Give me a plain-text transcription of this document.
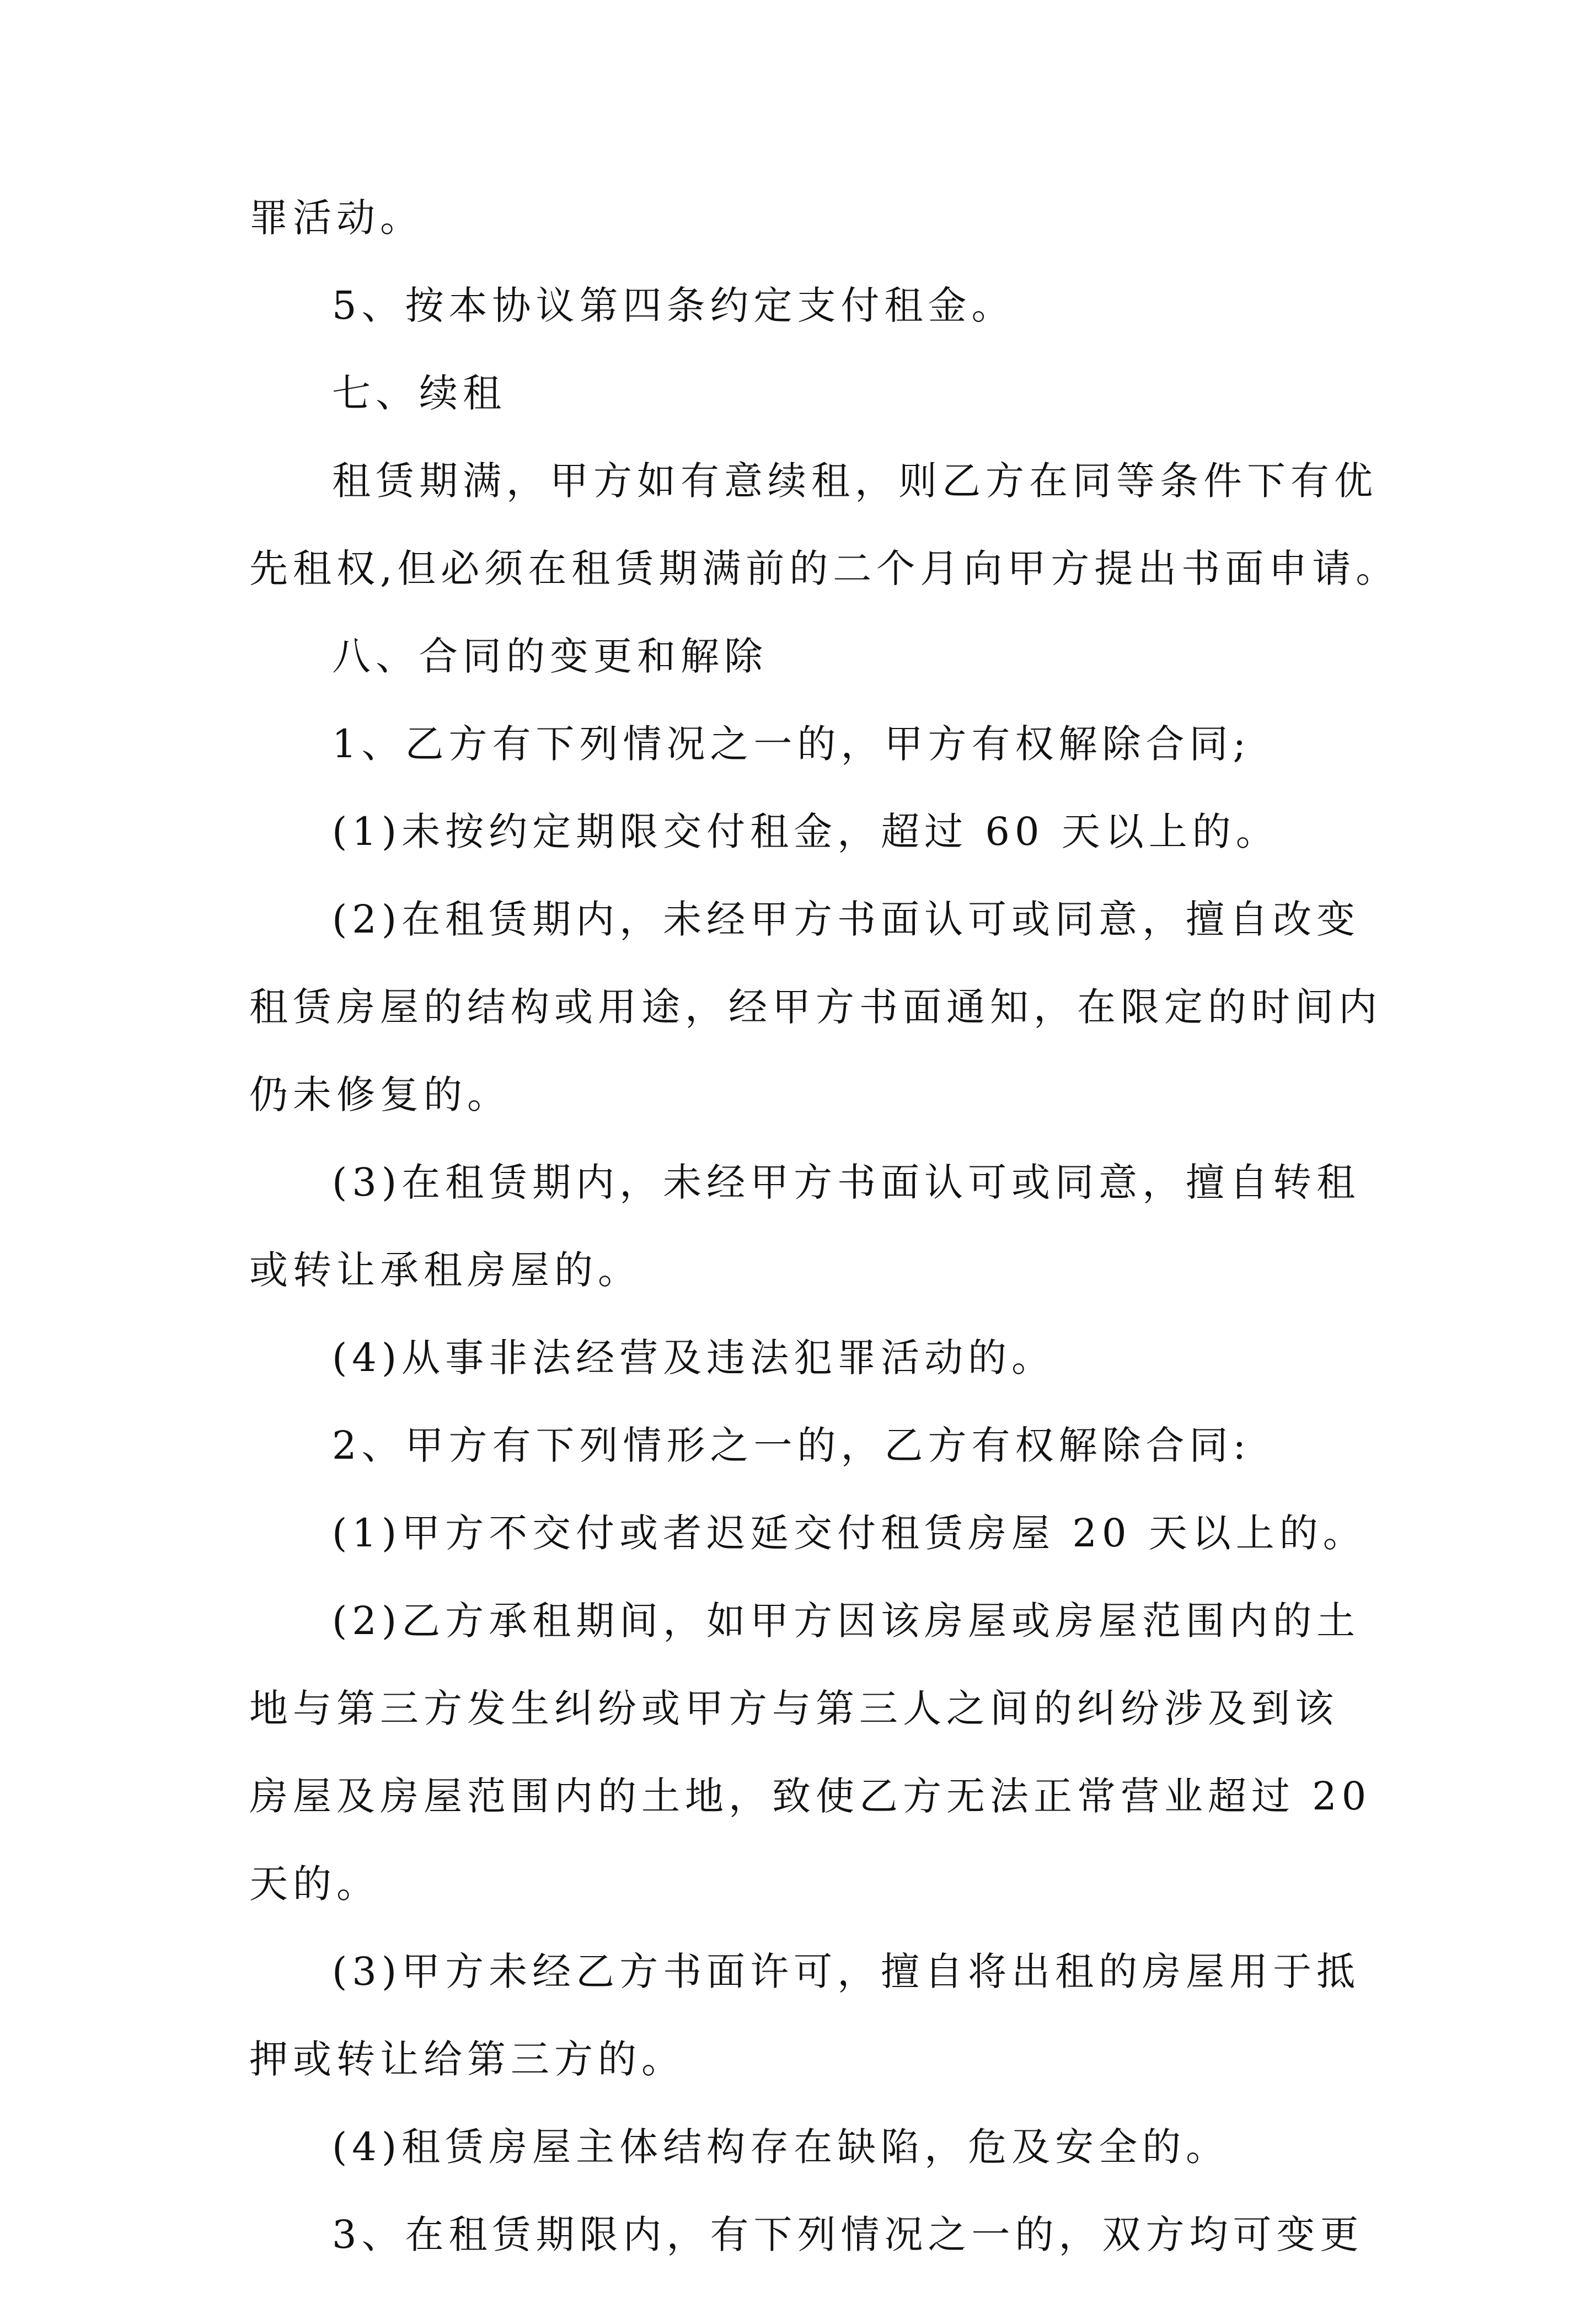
罪活动。
5、按本协议第四条约定支付租金。
七、续租
租赁期满，甲方如有意续租，则乙方在同等条件下有优
先租权,但必须在租赁期满前的二个月向甲方提出书面申请。
八、合同的变更和解除
1、乙方有下列情况之一的，甲方有权解除合同;
(1)未按约定期限交付租金，超过 60 天以上的。
(2)在租赁期内，未经甲方书面认可或同意，擅自改变
租赁房屋的结构或用途，经甲方书面通知，在限定的时间内
仍未修复的。
(3)在租赁期内，未经甲方书面认可或同意，擅自转租
或转让承租房屋的。
(4)从事非法经营及违法犯罪活动的。
2、甲方有下列情形之一的，乙方有权解除合同:
(1)甲方不交付或者迟延交付租赁房屋 20 天以上的。
(2)乙方承租期间，如甲方因该房屋或房屋范围内的土
地与第三方发生纠纷或甲方与第三人之间的纠纷涉及到该
房屋及房屋范围内的土地，致使乙方无法正常营业超过 20
天的。
(3)甲方未经乙方书面许可，擅自将出租的房屋用于抵
押或转让给第三方的。
(4)租赁房屋主体结构存在缺陷，危及安全的。
3、在租赁期限内，有下列情况之一的，双方均可变更
